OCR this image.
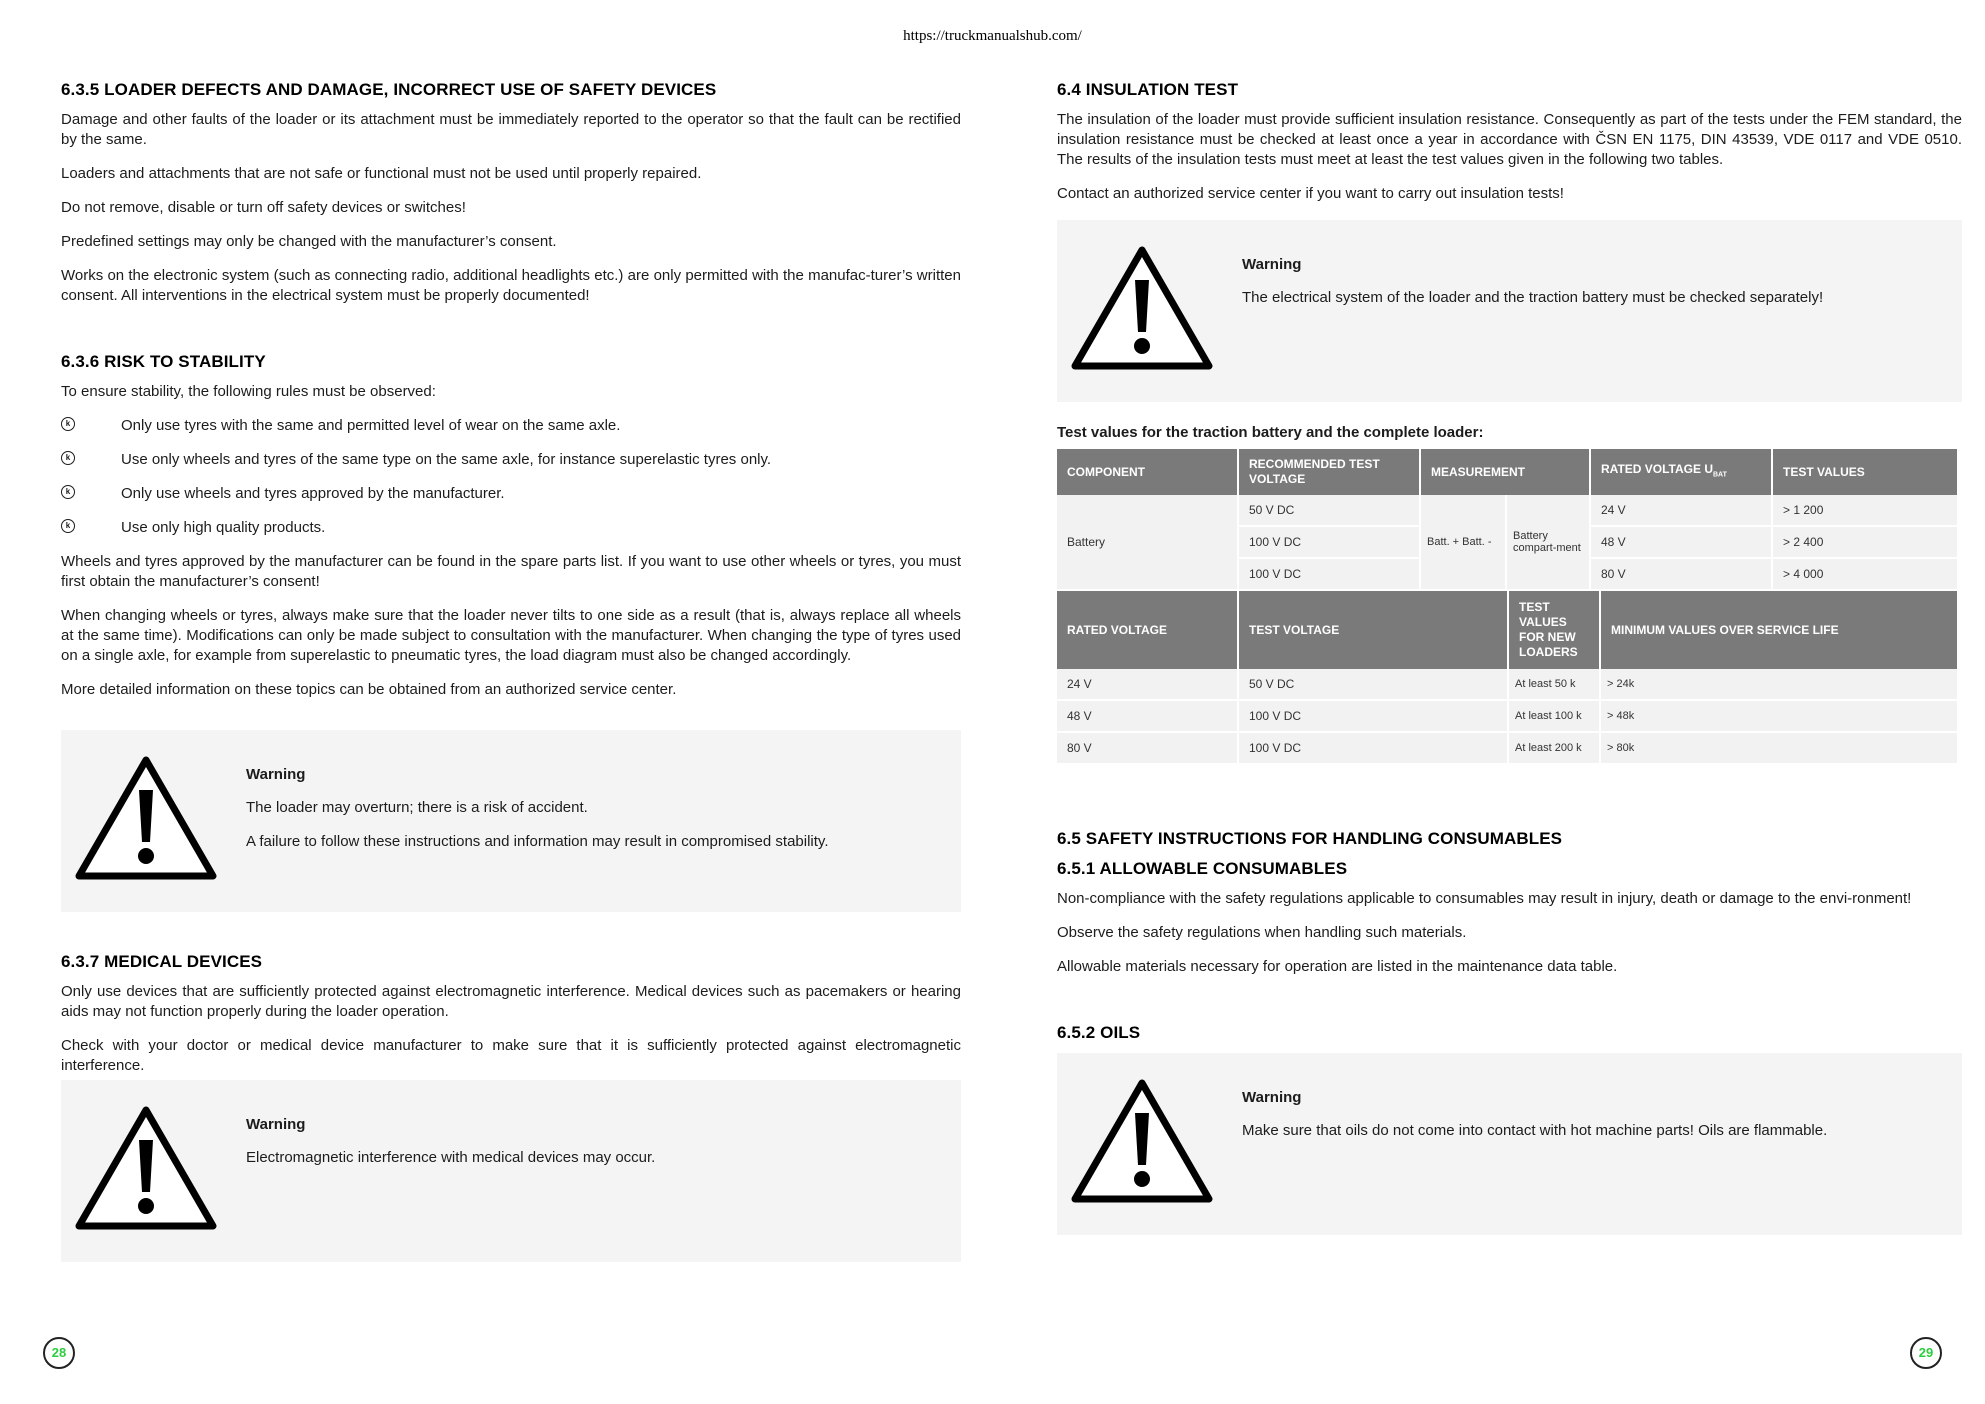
https://truckmanualshub.com/
6.3.5 LOADER DEFECTS AND DAMAGE, INCORRECT USE OF SAFETY DEVICES

Damage and other faults of the loader or its attachment must be immediately reported to the operator so that the fault can be rectified by the same.

Loaders and attachments that are not safe or functional must not be used until properly repaired.

Do not remove, disable or turn off safety devices or switches!

Predefined settings may only be changed with the manufacturer’s consent.

Works on the electronic system (such as connecting radio, additional headlights etc.) are only permitted with the manufac-turer’s written consent. All interventions in the electrical system must be properly documented!

6.3.6 RISK TO STABILITY

To ensure stability, the following rules must be observed:

k	Only use tyres with the same and permitted level of wear on the same axle.
k	Use only wheels and tyres of the same type on the same axle, for instance superelastic tyres only.
k	Only use wheels and tyres approved by the manufacturer.
k	Use only high quality products.

Wheels and tyres approved by the manufacturer can be found in the spare parts list. If you want to use other wheels or tyres, you must first obtain the manufacturer’s consent!

When changing wheels or tyres, always make sure that the loader never tilts to one side as a result (that is, always replace all wheels at the same time). Modifications can only be made subject to consultation with the manufacturer. When changing the type of tyres used on a single axle, for example from superelastic to pneumatic tyres, the load diagram must also be changed accordingly.

More detailed information on these topics can be obtained from an authorized service center.

Warning
The loader may overturn; there is a risk of accident.
A failure to follow these instructions and information may result in compromised stability.
6.3.7 MEDICAL DEVICES

Only use devices that are sufficiently protected against electromagnetic interference. Medical devices such as pacemakers or hearing aids may not function properly during the loader operation.

Check with your doctor or medical device manufacturer to make sure that it is sufficiently protected against electromagnetic interference.

Warning
Electromagnetic interference with medical devices may occur.
6.4 INSULATION TEST

The insulation of the loader must provide sufficient insulation resistance. Consequently as part of the tests under the FEM standard, the insulation resistance must be checked at least once a year in accordance with ČSN EN 1175, DIN 43539, VDE 0117 and VDE 0510. The results of the insulation tests must meet at least the test values given in the following two tables.

Contact an authorized service center if you want to carry out insulation tests!

Warning
The electrical system of the loader and the traction battery must be checked separately!
Test values for the traction battery and the complete loader:
COMPONENT	RECOMMENDED TEST VOLTAGE	MEASUREMENT		RATED VOLTAGE $U_{BAT}$	TEST VALUES
Battery	50 V DC	Batt. + Batt. -	Battery compart-ment	24 V	> 1 200
	100 V DC			48 V	> 2 400
	100 V DC			80 V	> 4 000
RATED VOLTAGE	TEST VOLTAGE	TEST VALUES FOR NEW LOADERS	MINIMUM VALUES OVER SERVICE LIFE
24 V	50 V DC	At least 50 k	> 24k
48 V	100 V DC	At least 100 k	> 48k
80 V	100 V DC	At least 200 k	> 80k
6.5 SAFETY INSTRUCTIONS FOR HANDLING CONSUMABLES
6.5.1 ALLOWABLE CONSUMABLES

Non-compliance with the safety regulations applicable to consumables may result in injury, death or damage to the envi-ronment!

Observe the safety regulations when handling such materials.

Allowable materials necessary for operation are listed in the maintenance data table.

6.5.2 OILS
Warning
Make sure that oils do not come into contact with hot machine parts! Oils are flammable.
28	29
